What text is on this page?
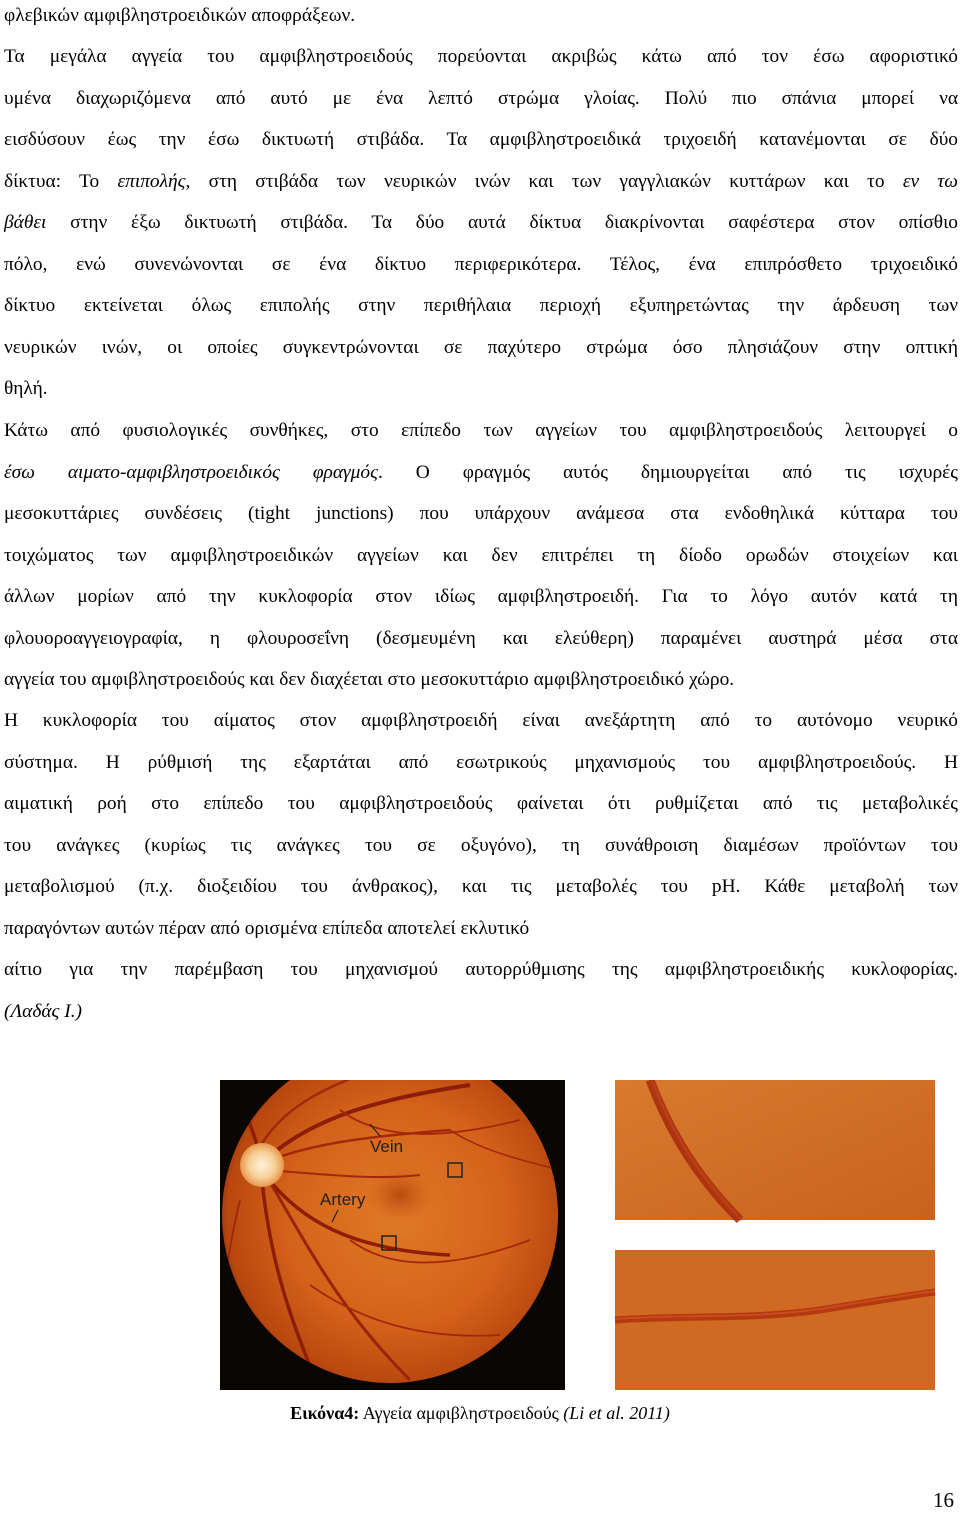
φλεβικών αμφιβληστροειδικών αποφράξεων.
Τα μεγάλα αγγεία του αμφιβληστροειδούς πορεύονται ακριβώς κάτω από τον έσω αφοριστικό
υμένα διαχωριζόμενα από αυτό με ένα λεπτό στρώμα γλοίας. Πολύ πιο σπάνια μπορεί να
εισδύσουν έως την έσω δικτυωτή στιβάδα. Τα αμφιβληστροειδικά τριχοειδή κατανέμονται σε δύο
δίκτυα: Το επιπολής, στη στιβάδα των νευρικών ινών και των γαγγλιακών κυττάρων και το εν τω
βάθει στην έξω δικτυωτή στιβάδα. Τα δύο αυτά δίκτυα διακρίνονται σαφέστερα στον οπίσθιο
πόλο, ενώ συνενώνονται σε ένα δίκτυο περιφερικότερα. Τέλος, ένα επιπρόσθετο τριχοειδικό
δίκτυο εκτείνεται όλως επιπολής στην περιθήλαια περιοχή εξυπηρετώντας την άρδευση των
νευρικών ινών, οι οποίες συγκεντρώνονται σε παχύτερο στρώμα όσο πλησιάζουν στην οπτική
θηλή.
Κάτω από φυσιολογικές συνθήκες, στο επίπεδο των αγγείων του αμφιβληστροειδούς λειτουργεί ο
έσω αιματο-αμφιβληστροειδικός φραγμός. Ο φραγμός αυτός δημιουργείται από τις ισχυρές
μεσοκυττάριες συνδέσεις (tight junctions) που υπάρχουν ανάμεσα στα ενδοθηλικά κύτταρα του
τοιχώματος των αμφιβληστροειδικών αγγείων και δεν επιτρέπει τη δίοδο ορωδών στοιχείων και
άλλων μορίων από την κυκλοφορία στον ιδίως αμφιβληστροειδή. Για το λόγο αυτόν κατά τη
φλουοροαγγειογραφία, η φλουροσεΐνη (δεσμευμένη και ελεύθερη) παραμένει αυστηρά μέσα στα
αγγεία του αμφιβληστροειδούς και δεν διαχέεται στο μεσοκυττάριο αμφιβληστροειδικό χώρο.
Η κυκλοφορία του αίματος στον αμφιβληστροειδή είναι ανεξάρτητη από το αυτόνομο νευρικό
σύστημα. Η ρύθμισή της εξαρτάται από εσωτρικούς μηχανισμούς του αμφιβληστροειδούς. Η
αιματική ροή στο επίπεδο του αμφιβληστροειδούς φαίνεται ότι ρυθμίζεται από τις μεταβολικές
του ανάγκες (κυρίως τις ανάγκες του σε οξυγόνο), τη συνάθροιση διαμέσων προϊόντων του
μεταβολισμού (π.χ. διοξειδίου του άνθρακος), και τις μεταβολές του pH. Κάθε μεταβολή των
παραγόντων αυτών πέραν από ορισμένα επίπεδα αποτελεί εκλυτικό
αίτιο για την παρέμβαση του μηχανισμού αυτορρύθμισης της αμφιβληστροειδικής κυκλοφορίας.
(Λαδάς Ι.)
Vein
Artery
Εικόνα4: Αγγεία αμφιβληστροειδούς (Li et al. 2011)
16
